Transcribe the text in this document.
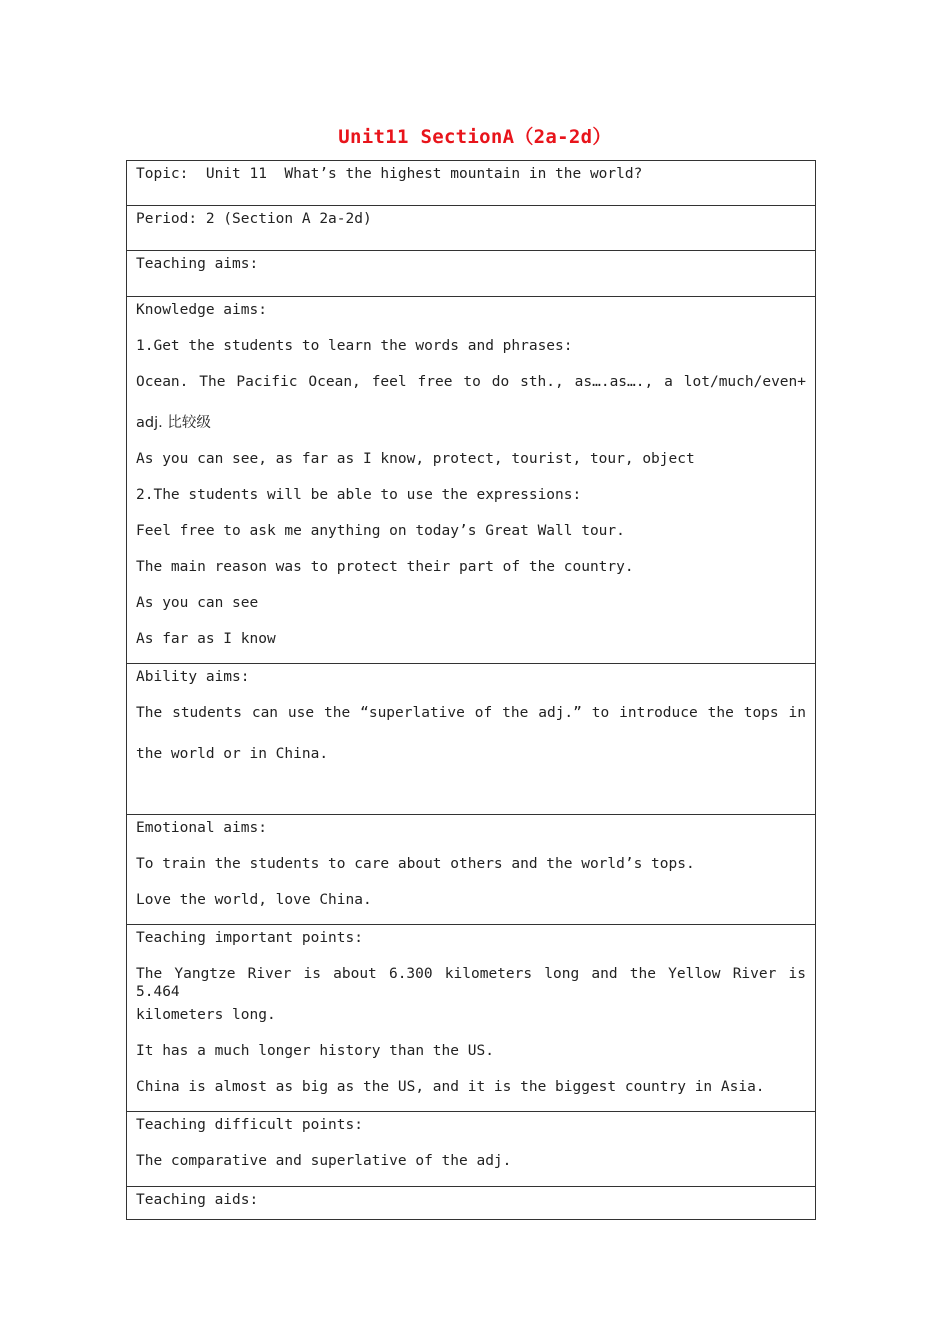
Unit11 SectionA（2a-2d）
Topic:  Unit 11  What’s the highest mountain in the world?
Period: 2 (Section A 2a-2d)
Teaching aims:
Knowledge aims:
1.Get the students to learn the words and phrases:
Ocean. The Pacific Ocean, feel free to do sth., as….as…., a lot/much/even+
adj. 比较级
As you can see, as far as I know, protect, tourist, tour, object
2.The students will be able to use the expressions:
Feel free to ask me anything on today’s Great Wall tour.
The main reason was to protect their part of the country.
As you can see
As far as I know
Ability aims:
The students can use the “superlative of the adj.” to introduce the tops in
the world or in China.
Emotional aims:
To train the students to care about others and the world’s tops.
Love the world, love China.
Teaching important points:
The Yangtze River is about 6.300 kilometers long and the Yellow River is 5.464
kilometers long.
It has a much longer history than the US.
China is almost as big as the US, and it is the biggest country in Asia.
Teaching difficult points:
The comparative and superlative of the adj.
Teaching aids:
